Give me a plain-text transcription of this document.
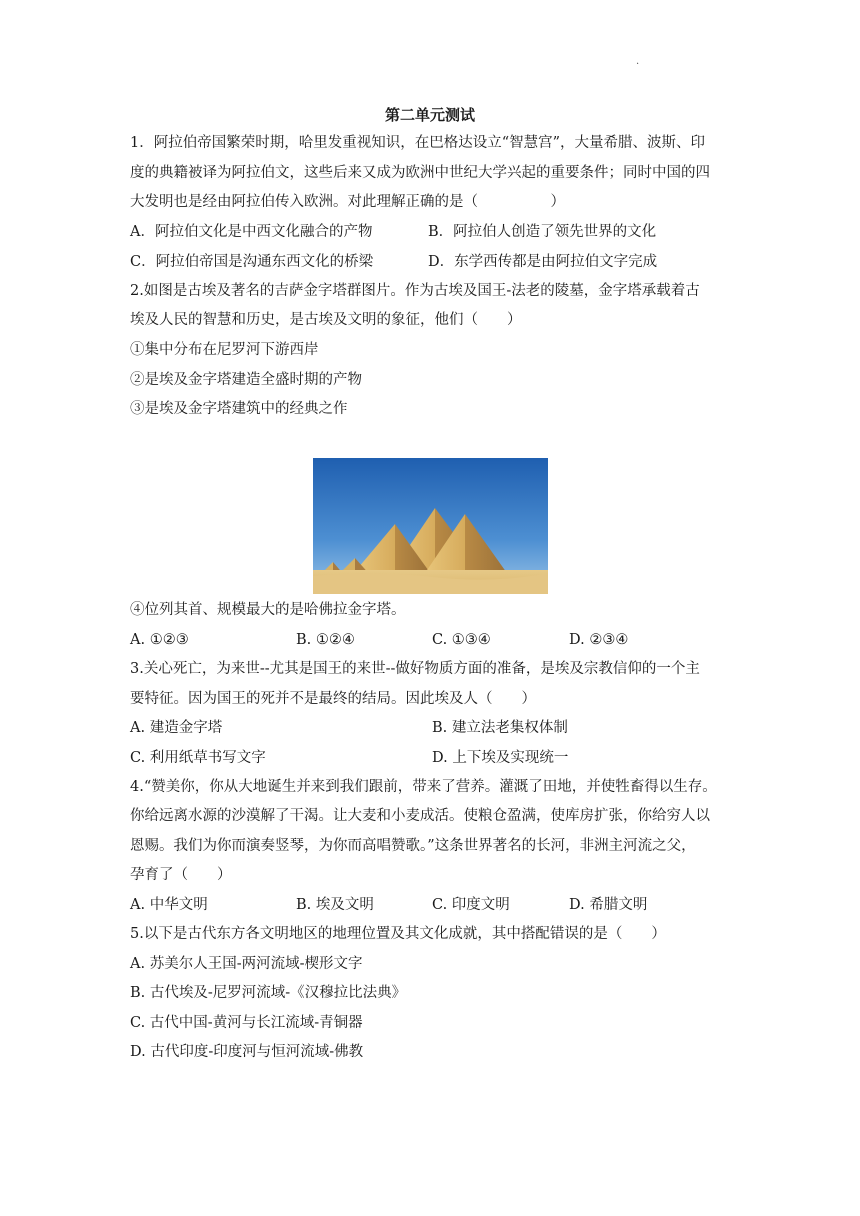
.
第二单元测试
1．阿拉伯帝国繁荣时期，哈里发重视知识，在巴格达设立“智慧宫”，大量希腊、波斯、印
度的典籍被译为阿拉伯文，这些后来又成为欧洲中世纪大学兴起的重要条件；同时中国的四
大发明也是经由阿拉伯传入欧洲。对此理解正确的是（　　　　　）
A．阿拉伯文化是中西文化融合的产物	B．阿拉伯人创造了领先世界的文化
C．阿拉伯帝国是沟通东西文化的桥梁	D．东学西传都是由阿拉伯文字完成
2.如图是古埃及著名的吉萨金字塔群图片。作为古埃及国王-法老的陵墓，金字塔承载着古
埃及人民的智慧和历史，是古埃及文明的象征，他们（　　）
①集中分布在尼罗河下游西岸
②是埃及金字塔建造全盛时期的产物
③是埃及金字塔建筑中的经典之作
④位列其首、规模最大的是哈佛拉金字塔。
A. ①②③	B. ①②④	C. ①③④	D. ②③④
3.关心死亡，为来世--尤其是国王的来世--做好物质方面的准备，是埃及宗教信仰的一个主
要特征。因为国王的死并不是最终的结局。因此埃及人（　　）
A. 建造金字塔	B. 建立法老集权体制
C. 利用纸草书写文字	D. 上下埃及实现统一
4.“赞美你，你从大地诞生并来到我们跟前，带来了营养。灌溉了田地，并使牲畜得以生存。
你给远离水源的沙漠解了干渴。让大麦和小麦成活。使粮仓盈满，使库房扩张，你给穷人以
恩赐。我们为你而演奏竖琴，为你而高唱赞歌。”这条世界著名的长河，非洲主河流之父，
孕育了（　　）
A. 中华文明	B. 埃及文明	C. 印度文明	D. 希腊文明
5.以下是古代东方各文明地区的地理位置及其文化成就，其中搭配错误的是（　　）
A. 苏美尔人王国-两河流域-楔形文字
B. 古代埃及-尼罗河流域-《汉穆拉比法典》
C. 古代中国-黄河与长江流域-青铜器
D. 古代印度-印度河与恒河流域-佛教
